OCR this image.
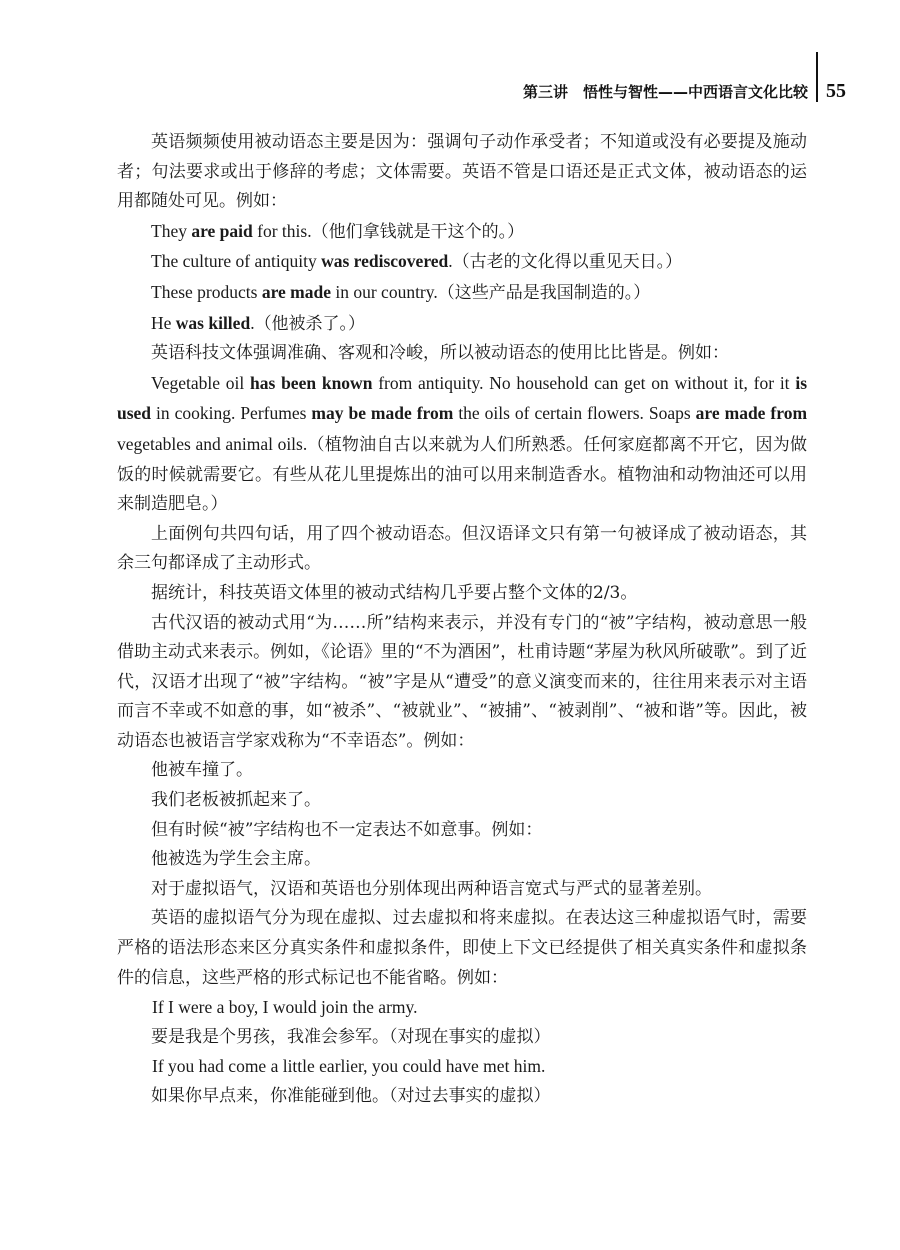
第三讲　悟性与智性——中西语言文化比较 55

英语频频使用被动语态主要是因为：强调句子动作承受者；不知道或没有必要提及施动者；句法要求或出于修辞的考虑；文体需要。英语不管是口语还是正式文体，被动语态的运用都随处可见。例如：

They are paid for this.（他们拿钱就是干这个的。）

The culture of antiquity was rediscovered.（古老的文化得以重见天日。）

These products are made in our country.（这些产品是我国制造的。）

He was killed.（他被杀了。）

英语科技文体强调准确、客观和冷峻，所以被动语态的使用比比皆是。例如：

Vegetable oil has been known from antiquity. No household can get on without it, for it is used in cooking. Perfumes may be made from the oils of certain flowers. Soaps are made from vegetables and animal oils.（植物油自古以来就为人们所熟悉。任何家庭都离不开它，因为做饭的时候就需要它。有些从花儿里提炼出的油可以用来制造香水。植物油和动物油还可以用来制造肥皂。）

上面例句共四句话，用了四个被动语态。但汉语译文只有第一句被译成了被动语态，其余三句都译成了主动形式。

据统计，科技英语文体里的被动式结构几乎要占整个文体的2/3。

古代汉语的被动式用“为……所”结构来表示，并没有专门的“被”字结构，被动意思一般借助主动式来表示。例如，《论语》里的“不为酒困”，杜甫诗题“茅屋为秋风所破歌”。到了近代，汉语才出现了“被”字结构。“被”字是从“遭受”的意义演变而来的，往往用来表示对主语而言不幸或不如意的事，如“被杀”、“被就业”、“被捕”、“被剥削”、“被和谐”等。因此，被动语态也被语言学家戏称为“不幸语态”。例如：

他被车撞了。

我们老板被抓起来了。

但有时候“被”字结构也不一定表达不如意事。例如：

他被选为学生会主席。

对于虚拟语气，汉语和英语也分别体现出两种语言宽式与严式的显著差别。

英语的虚拟语气分为现在虚拟、过去虚拟和将来虚拟。在表达这三种虚拟语气时，需要严格的语法形态来区分真实条件和虚拟条件，即使上下文已经提供了相关真实条件和虚拟条件的信息，这些严格的形式标记也不能省略。例如：

If I were a boy, I would join the army.

要是我是个男孩，我准会参军。（对现在事实的虚拟）

If you had come a little earlier, you could have met him.

如果你早点来，你准能碰到他。（对过去事实的虚拟）
